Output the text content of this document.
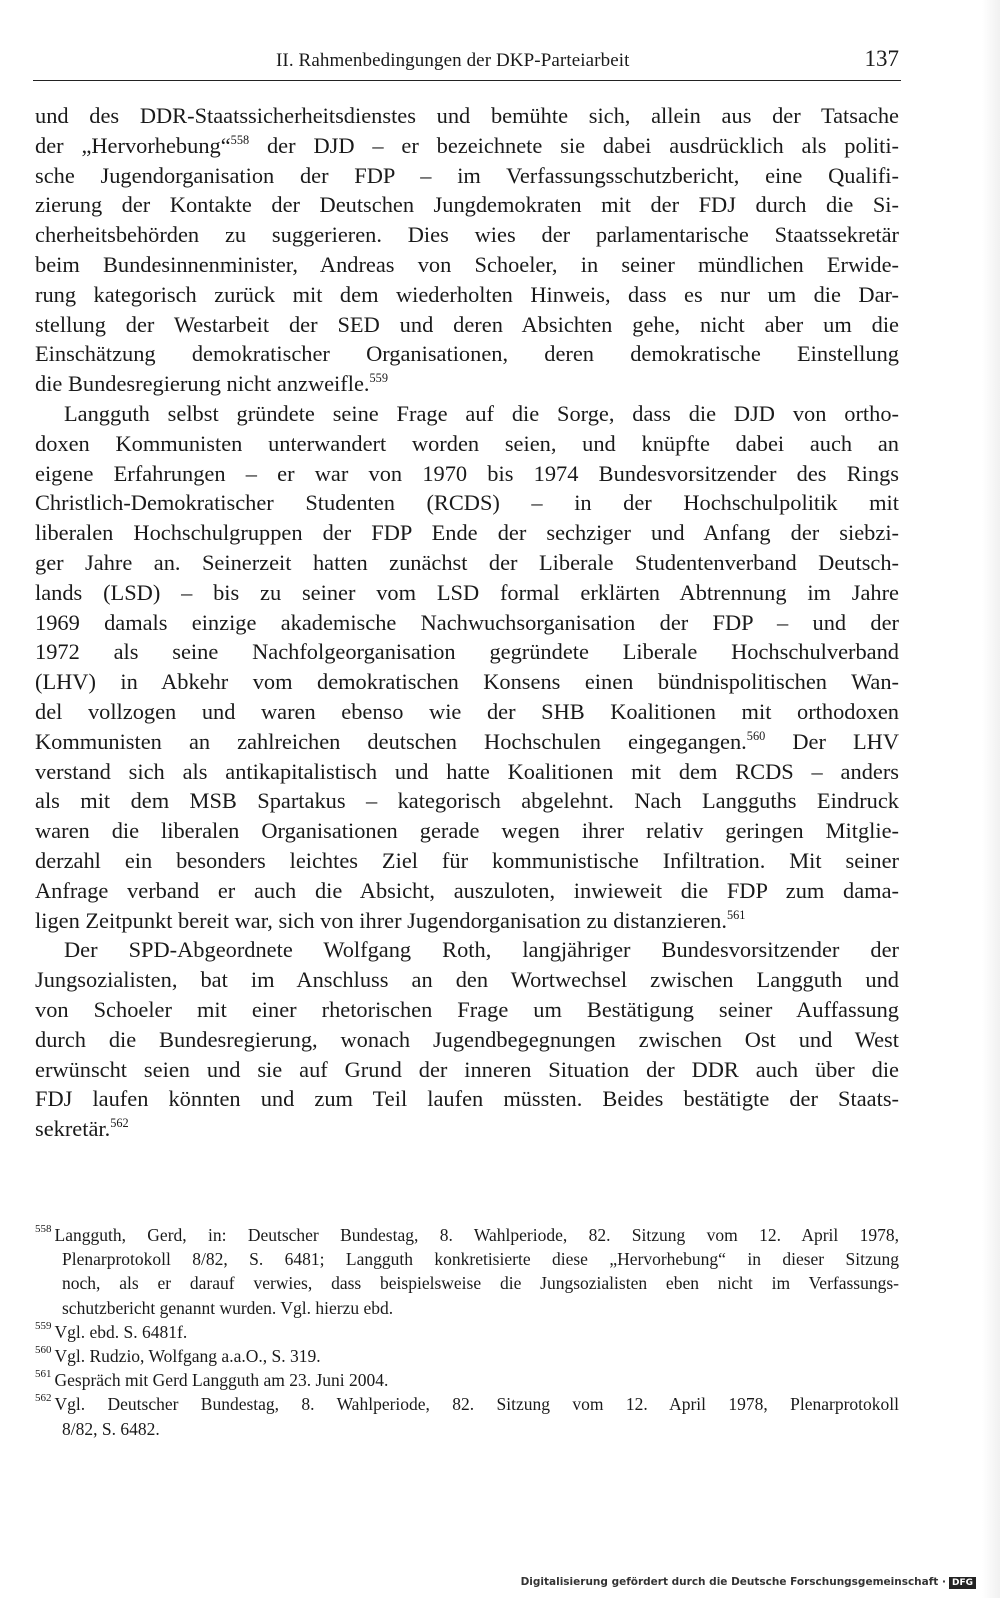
II. Rahmenbedingungen der DKP-Parteiarbeit	137
und des DDR-Staatssicherheitsdienstes und bemühte sich, allein aus der Tatsache
der „Hervorhebung“$^{558}$ der DJD – er bezeichnete sie dabei ausdrücklich als politi-
sche Jugendorganisation der FDP – im Verfassungsschutzbericht, eine Qualifi-
zierung der Kontakte der Deutschen Jungdemokraten mit der FDJ durch die Si-
cherheitsbehörden zu suggerieren. Dies wies der parlamentarische Staatssekretär
beim Bundesinnenminister, Andreas von Schoeler, in seiner mündlichen Erwide-
rung kategorisch zurück mit dem wiederholten Hinweis, dass es nur um die Dar-
stellung der Westarbeit der SED und deren Absichten gehe, nicht aber um die
Einschätzung demokratischer Organisationen, deren demokratische Einstellung
die Bundesregierung nicht anzweifle.$^{559}$
Langguth selbst gründete seine Frage auf die Sorge, dass die DJD von ortho-
doxen Kommunisten unterwandert worden seien, und knüpfte dabei auch an
eigene Erfahrungen – er war von 1970 bis 1974 Bundesvorsitzender des Rings
Christlich-Demokratischer Studenten (RCDS) – in der Hochschulpolitik mit
liberalen Hochschulgruppen der FDP Ende der sechziger und Anfang der siebzi-
ger Jahre an. Seinerzeit hatten zunächst der Liberale Studentenverband Deutsch-
lands (LSD) – bis zu seiner vom LSD formal erklärten Abtrennung im Jahre
1969 damals einzige akademische Nachwuchsorganisation der FDP – und der
1972 als seine Nachfolgeorganisation gegründete Liberale Hochschulverband
(LHV) in Abkehr vom demokratischen Konsens einen bündnispolitischen Wan-
del vollzogen und waren ebenso wie der SHB Koalitionen mit orthodoxen
Kommunisten an zahlreichen deutschen Hochschulen eingegangen.$^{560}$ Der LHV
verstand sich als antikapitalistisch und hatte Koalitionen mit dem RCDS – anders
als mit dem MSB Spartakus – kategorisch abgelehnt. Nach Langguths Eindruck
waren die liberalen Organisationen gerade wegen ihrer relativ geringen Mitglie-
derzahl ein besonders leichtes Ziel für kommunistische Infiltration. Mit seiner
Anfrage verband er auch die Absicht, auszuloten, inwieweit die FDP zum dama-
ligen Zeitpunkt bereit war, sich von ihrer Jugendorganisation zu distanzieren.$^{561}$
Der SPD-Abgeordnete Wolfgang Roth, langjähriger Bundesvorsitzender der
Jungsozialisten, bat im Anschluss an den Wortwechsel zwischen Langguth und
von Schoeler mit einer rhetorischen Frage um Bestätigung seiner Auffassung
durch die Bundesregierung, wonach Jugendbegegnungen zwischen Ost und West
erwünscht seien und sie auf Grund der inneren Situation der DDR auch über die
FDJ laufen könnten und zum Teil laufen müssten. Beides bestätigte der Staats-
sekretär.$^{562}$
$^{558}$ Langguth, Gerd, in: Deutscher Bundestag, 8. Wahlperiode, 82. Sitzung vom 12. April 1978,
Plenarprotokoll 8/82, S. 6481; Langguth konkretisierte diese „Hervorhebung“ in dieser Sitzung
noch, als er darauf verwies, dass beispielsweise die Jungsozialisten eben nicht im Verfassungs-
schutzbericht genannt wurden. Vgl. hierzu ebd.
$^{559}$ Vgl. ebd. S. 6481f.
$^{560}$ Vgl. Rudzio, Wolfgang a.a.O., S. 319.
$^{561}$ Gespräch mit Gerd Langguth am 23. Juni 2004.
$^{562}$ Vgl. Deutscher Bundestag, 8. Wahlperiode, 82. Sitzung vom 12. April 1978, Plenarprotokoll
8/82, S. 6482.
Digitalisierung gefördert durch die Deutsche Forschungsgemeinschaft · DFG
